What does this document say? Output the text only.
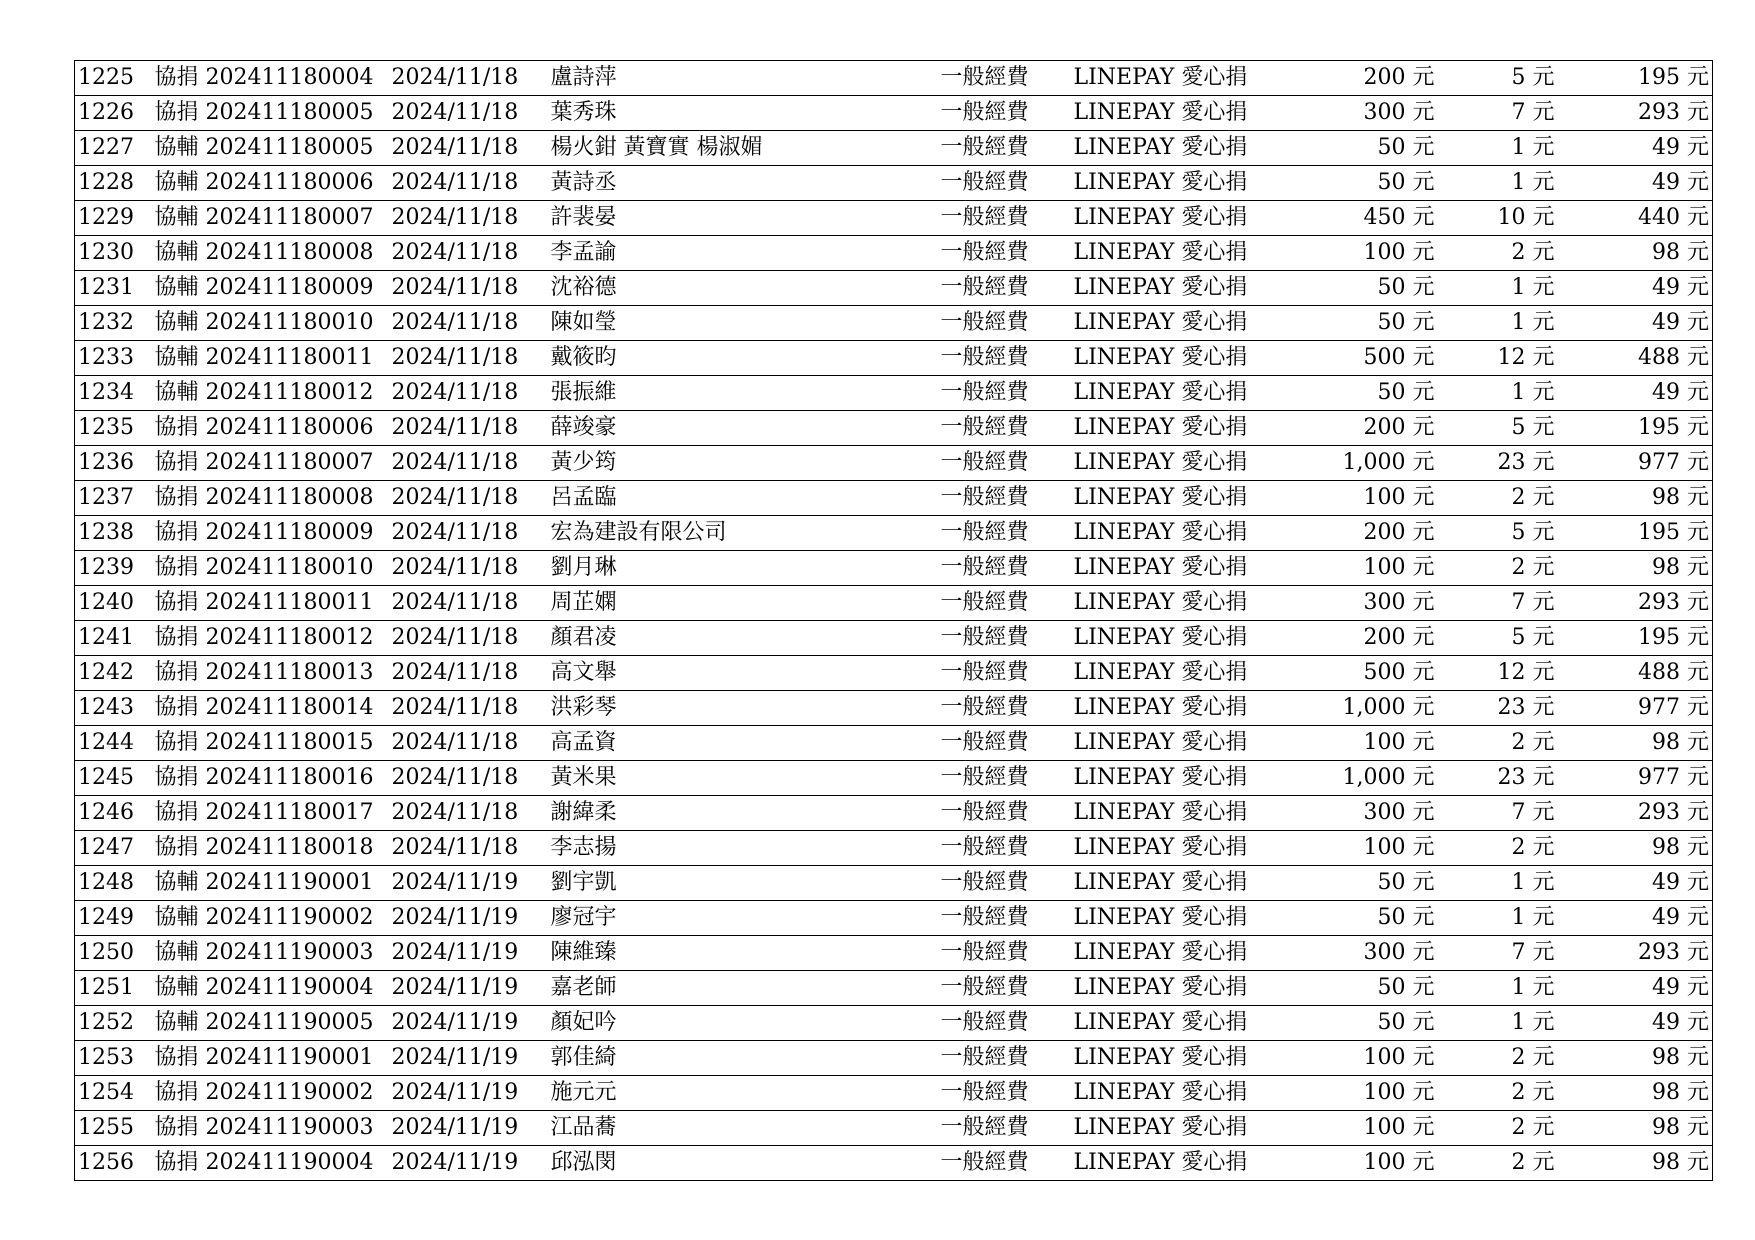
1225	協捐 202411180004	2024/11/18	盧詩萍	一般經費	LINEPAY 愛心捐	200 元	5 元	195 元
1226	協捐 202411180005	2024/11/18	葉秀珠	一般經費	LINEPAY 愛心捐	300 元	7 元	293 元
1227	協輔 202411180005	2024/11/18	楊火鉗 黃寶實 楊淑媚	一般經費	LINEPAY 愛心捐	50 元	1 元	49 元
1228	協輔 202411180006	2024/11/18	黃詩丞	一般經費	LINEPAY 愛心捐	50 元	1 元	49 元
1229	協輔 202411180007	2024/11/18	許裴晏	一般經費	LINEPAY 愛心捐	450 元	10 元	440 元
1230	協輔 202411180008	2024/11/18	李孟諭	一般經費	LINEPAY 愛心捐	100 元	2 元	98 元
1231	協輔 202411180009	2024/11/18	沈裕德	一般經費	LINEPAY 愛心捐	50 元	1 元	49 元
1232	協輔 202411180010	2024/11/18	陳如瑩	一般經費	LINEPAY 愛心捐	50 元	1 元	49 元
1233	協輔 202411180011	2024/11/18	戴筱昀	一般經費	LINEPAY 愛心捐	500 元	12 元	488 元
1234	協輔 202411180012	2024/11/18	張振維	一般經費	LINEPAY 愛心捐	50 元	1 元	49 元
1235	協捐 202411180006	2024/11/18	薛竣豪	一般經費	LINEPAY 愛心捐	200 元	5 元	195 元
1236	協捐 202411180007	2024/11/18	黃少筠	一般經費	LINEPAY 愛心捐	1,000 元	23 元	977 元
1237	協捐 202411180008	2024/11/18	呂孟臨	一般經費	LINEPAY 愛心捐	100 元	2 元	98 元
1238	協捐 202411180009	2024/11/18	宏為建設有限公司	一般經費	LINEPAY 愛心捐	200 元	5 元	195 元
1239	協捐 202411180010	2024/11/18	劉月琳	一般經費	LINEPAY 愛心捐	100 元	2 元	98 元
1240	協捐 202411180011	2024/11/18	周芷嫻	一般經費	LINEPAY 愛心捐	300 元	7 元	293 元
1241	協捐 202411180012	2024/11/18	顏君凌	一般經費	LINEPAY 愛心捐	200 元	5 元	195 元
1242	協捐 202411180013	2024/11/18	高文舉	一般經費	LINEPAY 愛心捐	500 元	12 元	488 元
1243	協捐 202411180014	2024/11/18	洪彩琴	一般經費	LINEPAY 愛心捐	1,000 元	23 元	977 元
1244	協捐 202411180015	2024/11/18	高孟資	一般經費	LINEPAY 愛心捐	100 元	2 元	98 元
1245	協捐 202411180016	2024/11/18	黃米果	一般經費	LINEPAY 愛心捐	1,000 元	23 元	977 元
1246	協捐 202411180017	2024/11/18	謝緯柔	一般經費	LINEPAY 愛心捐	300 元	7 元	293 元
1247	協捐 202411180018	2024/11/18	李志揚	一般經費	LINEPAY 愛心捐	100 元	2 元	98 元
1248	協輔 202411190001	2024/11/19	劉宇凱	一般經費	LINEPAY 愛心捐	50 元	1 元	49 元
1249	協輔 202411190002	2024/11/19	廖冠宇	一般經費	LINEPAY 愛心捐	50 元	1 元	49 元
1250	協輔 202411190003	2024/11/19	陳維臻	一般經費	LINEPAY 愛心捐	300 元	7 元	293 元
1251	協輔 202411190004	2024/11/19	嘉老師	一般經費	LINEPAY 愛心捐	50 元	1 元	49 元
1252	協輔 202411190005	2024/11/19	顏妃吟	一般經費	LINEPAY 愛心捐	50 元	1 元	49 元
1253	協捐 202411190001	2024/11/19	郭佳綺	一般經費	LINEPAY 愛心捐	100 元	2 元	98 元
1254	協捐 202411190002	2024/11/19	施元元	一般經費	LINEPAY 愛心捐	100 元	2 元	98 元
1255	協捐 202411190003	2024/11/19	江品蕎	一般經費	LINEPAY 愛心捐	100 元	2 元	98 元
1256	協捐 202411190004	2024/11/19	邱泓閔	一般經費	LINEPAY 愛心捐	100 元	2 元	98 元
